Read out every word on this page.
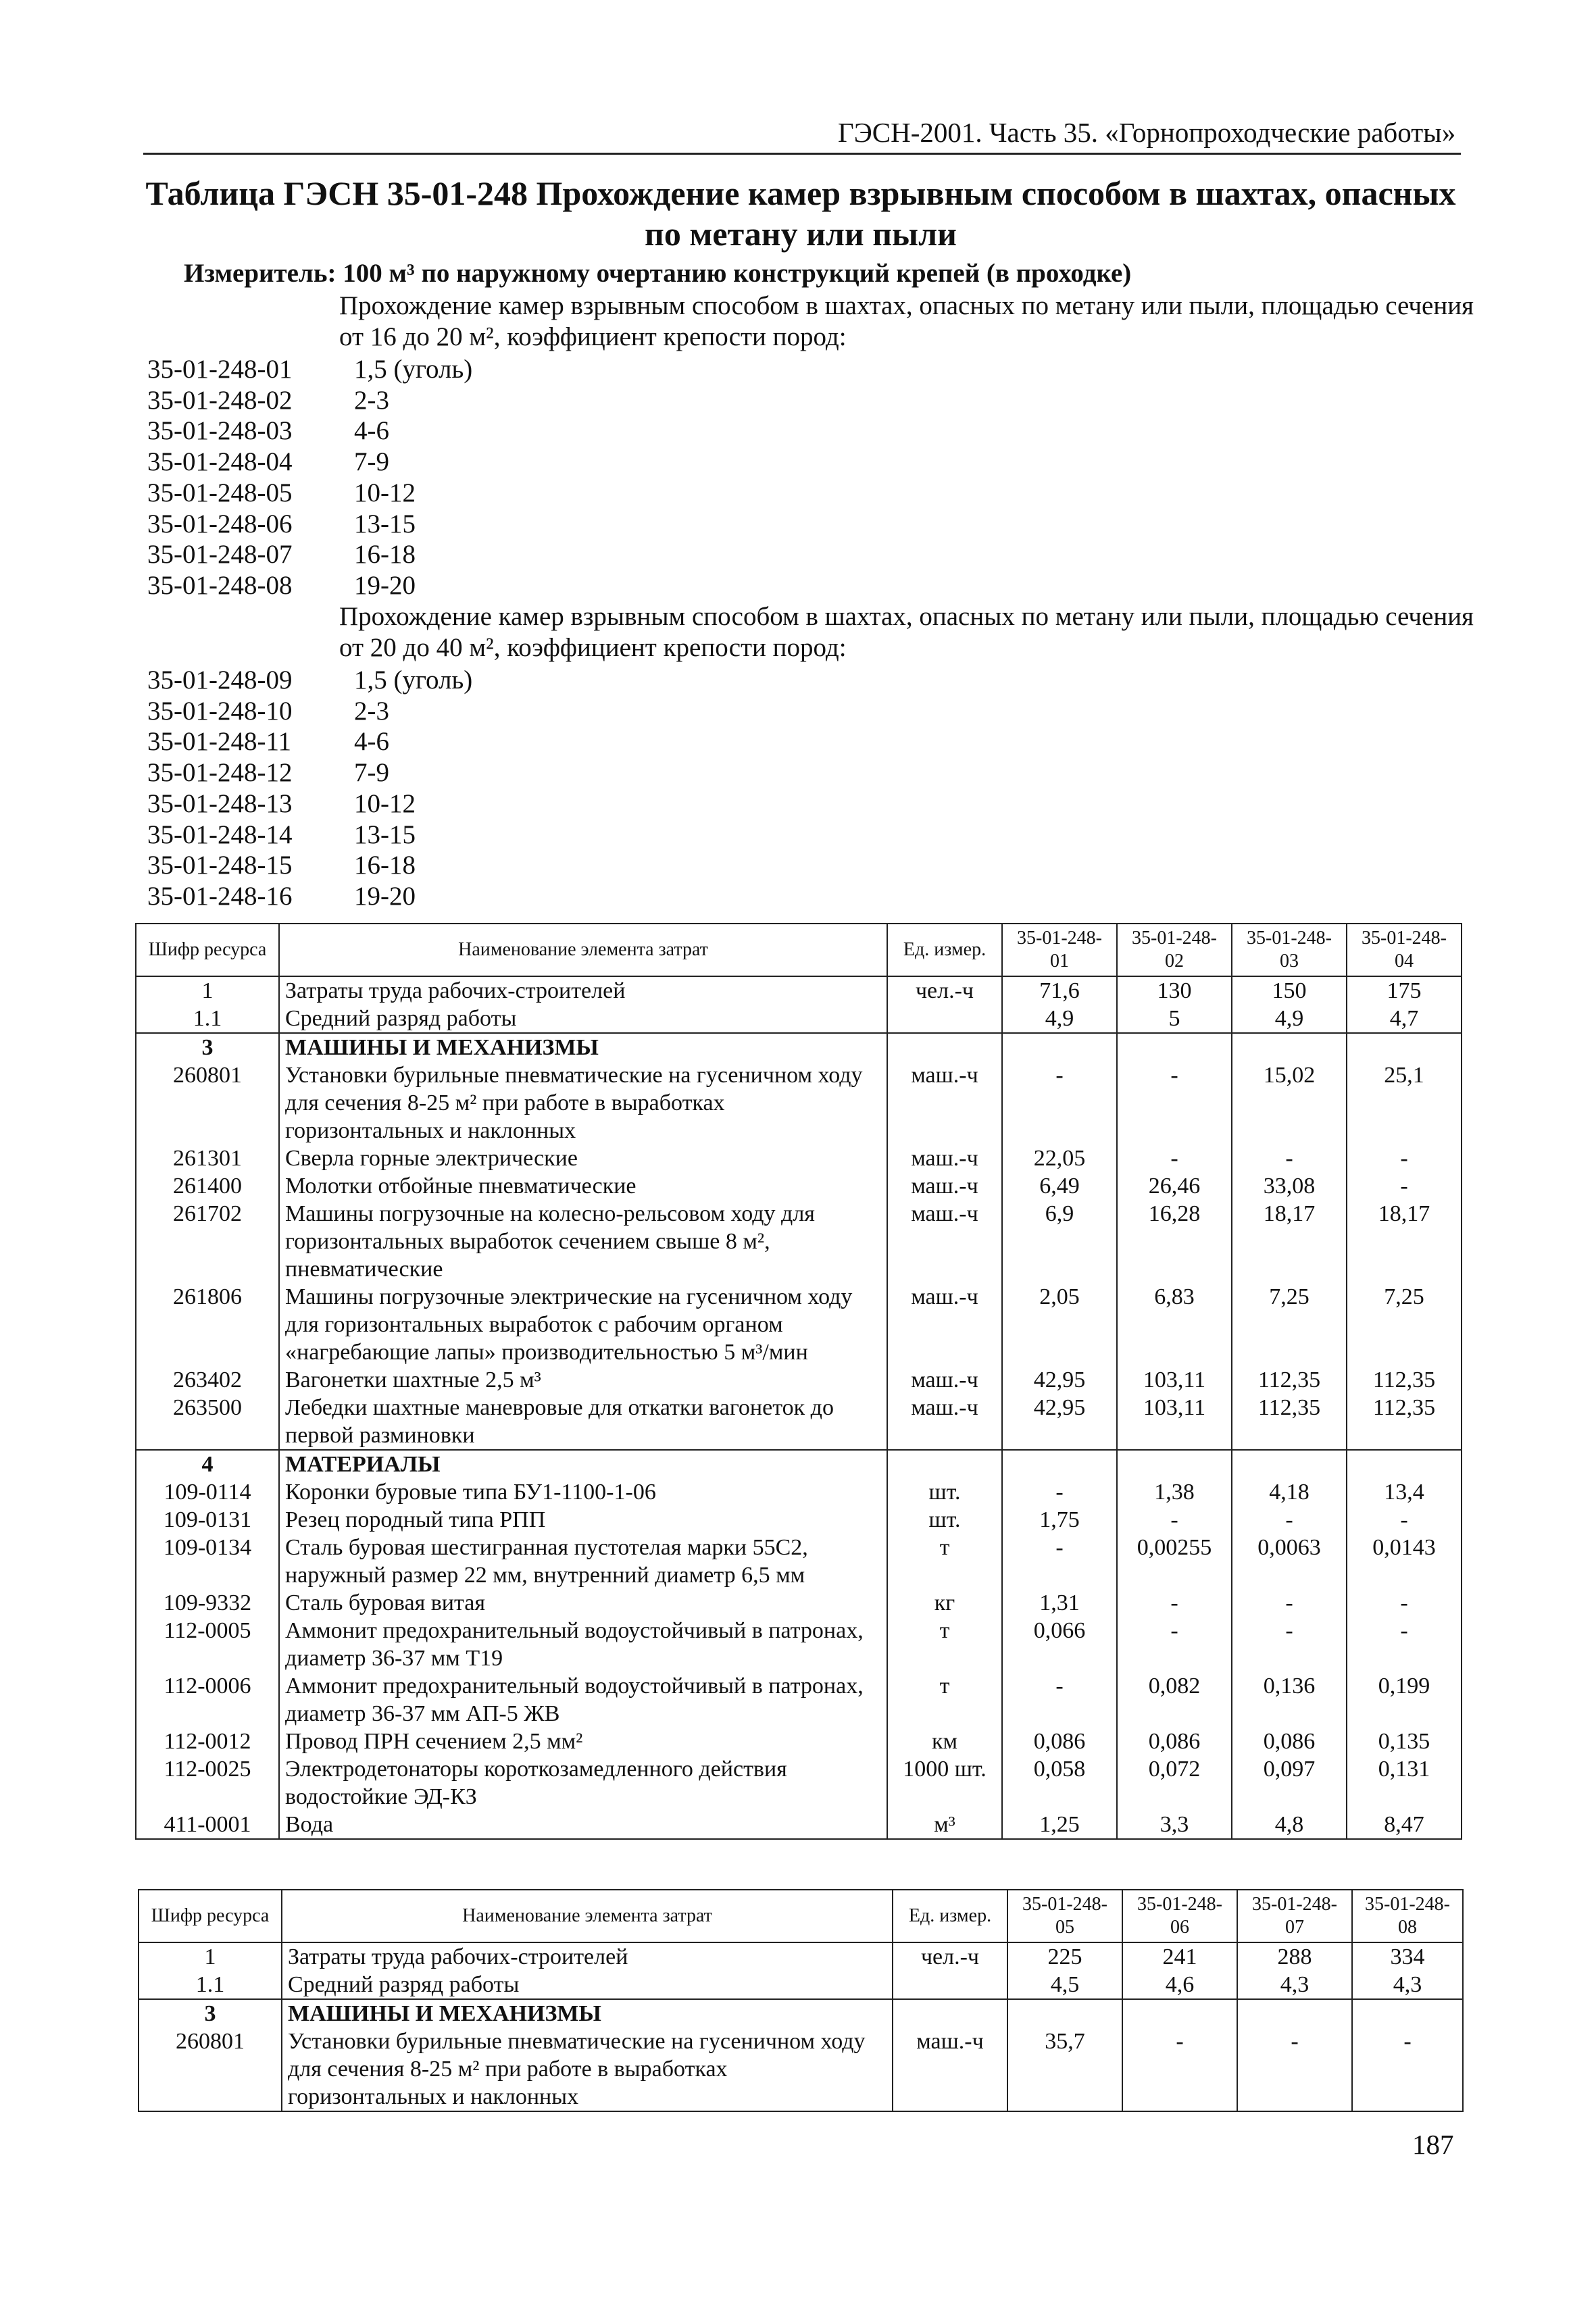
ГЭСН-2001. Часть 35. «Горнопроходческие работы»
Таблица ГЭСН 35-01-248 Прохождение камер взрывным способом в шахтах, опасных
по метану или пыли
Измеритель: 100 м³ по наружному очертанию конструкций крепей (в проходке)
Прохождение камер взрывным способом в шахтах, опасных по метану или пыли, площадью сечения от 16 до 20 м², коэффициент крепости пород:
35-01-248-01	1,5 (уголь)
35-01-248-02	2-3
35-01-248-03	4-6
35-01-248-04	7-9
35-01-248-05	10-12
35-01-248-06	13-15
35-01-248-07	16-18
35-01-248-08	19-20
Прохождение камер взрывным способом в шахтах, опасных по метану или пыли, площадью сечения от 20 до 40 м², коэффициент крепости пород:
35-01-248-09	1,5 (уголь)
35-01-248-10	2-3
35-01-248-11	4-6
35-01-248-12	7-9
35-01-248-13	10-12
35-01-248-14	13-15
35-01-248-15	16-18
35-01-248-16	19-20
Шифр ресурса	Наименование элемента затрат	Ед. измер.	35-01-248-01	35-01-248-02	35-01-248-03	35-01-248-04
1	Затраты труда рабочих-строителей	чел.-ч	71,6	130	150	175
1.1	Средний разряд работы		4,9	5	4,9	4,7
3	МАШИНЫ И МЕХАНИЗМЫ					
260801	Установки бурильные пневматические на гусеничном ходу для сечения 8-25 м² при работе в выработках горизонтальных и наклонных	маш.-ч	-	-	15,02	25,1
261301	Сверла горные электрические	маш.-ч	22,05	-	-	-
261400	Молотки отбойные пневматические	маш.-ч	6,49	26,46	33,08	-
261702	Машины погрузочные на колесно-рельсовом ходу для горизонтальных выработок сечением свыше 8 м², пневматические	маш.-ч	6,9	16,28	18,17	18,17
261806	Машины погрузочные электрические на гусеничном ходу для горизонтальных выработок с рабочим органом «нагребающие лапы» производительностью 5 м³/мин	маш.-ч	2,05	6,83	7,25	7,25
263402	Вагонетки шахтные 2,5 м³	маш.-ч	42,95	103,11	112,35	112,35
263500	Лебедки шахтные маневровые для откатки вагонеток до первой разминовки	маш.-ч	42,95	103,11	112,35	112,35
4	МАТЕРИАЛЫ					
109-0114	Коронки буровые типа БУ1-1100-1-06	шт.	-	1,38	4,18	13,4
109-0131	Резец породный типа РПП	шт.	1,75	-	-	-
109-0134	Сталь буровая шестигранная пустотелая марки 55С2, наружный размер 22 мм, внутренний диаметр 6,5 мм	т	-	0,00255	0,0063	0,0143
109-9332	Сталь буровая витая	кг	1,31	-	-	-
112-0005	Аммонит предохранительный водоустойчивый в патронах, диаметр 36-37 мм Т19	т	0,066	-	-	-
112-0006	Аммонит предохранительный водоустойчивый в патронах, диаметр 36-37 мм АП-5 ЖВ	т	-	0,082	0,136	0,199
112-0012	Провод ПРН сечением 2,5 мм²	км	0,086	0,086	0,086	0,135
112-0025	Электродетонаторы короткозамедленного действия водостойкие ЭД-КЗ	1000 шт.	0,058	0,072	0,097	0,131
411-0001	Вода	м³	1,25	3,3	4,8	8,47
Шифр ресурса	Наименование элемента затрат	Ед. измер.	35-01-248-05	35-01-248-06	35-01-248-07	35-01-248-08
1	Затраты труда рабочих-строителей	чел.-ч	225	241	288	334
1.1	Средний разряд работы		4,5	4,6	4,3	4,3
3	МАШИНЫ И МЕХАНИЗМЫ					
260801	Установки бурильные пневматические на гусеничном ходу для сечения 8-25 м² при работе в выработках горизонтальных и наклонных	маш.-ч	35,7	-	-	-
187
